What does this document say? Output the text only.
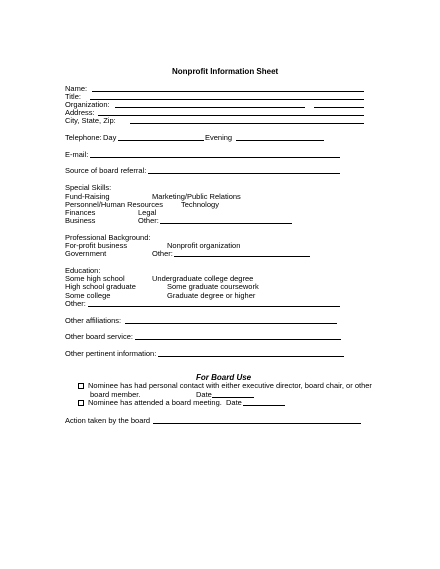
Nonprofit Information Sheet
Name:
Title:
Organization:
Address:
City, State, Zip:
Telephone: Day	Evening
E-mail:
Source of board referral:
Special Skills:
Fund-Raising	Marketing/Public Relations
Personnel/Human Resources Technology
Finances	Legal
Business	Other:
Professional Background:
For-profit business	Nonprofit organization
Government	Other:
Education:
Some high school	Undergraduate college degree
High school graduate	Some graduate coursework
Some college	Graduate degree or higher
Other:
Other affiliations:
Other board service:
Other pertinent information:
For Board Use
Nominee has had personal contact with either executive director, board chair, or other
board member.	Date
Nominee has attended a board meeting. Date
Action taken by the board
